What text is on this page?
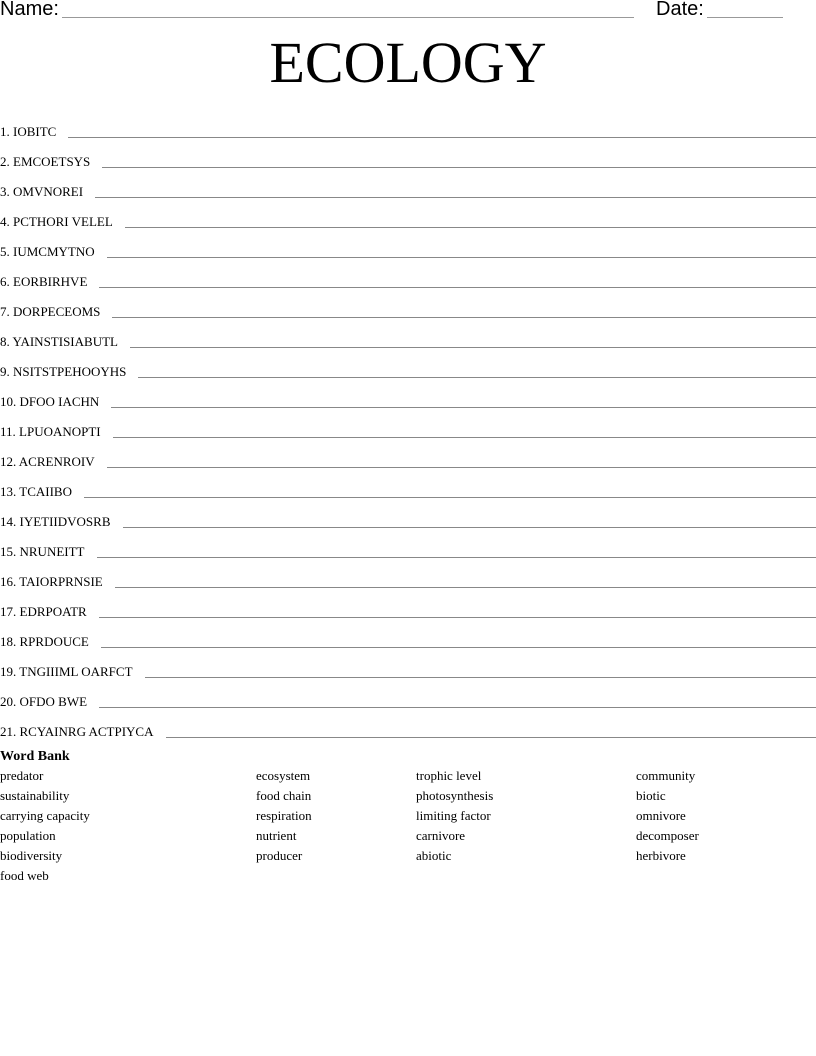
Name:	Date:
ECOLOGY
1. IOBITC
2. EMCOETSYS
3. OMVNOREI
4. PCTHORI VELEL
5. IUMCMYTNO
6. EORBIRHVE
7. DORPECEOMS
8. YAINSTISIABUTL
9. NSITSTPEHOOYHS
10. DFOO IACHN
11. LPUOANOPTI
12. ACRENROIV
13. TCAIIBO
14. IYETIIDVOSRB
15. NRUNEITT
16. TAIORPRNSIE
17. EDRPOATR
18. RPRDOUCE
19. TNGIIIML OARFCT
20. OFDO BWE
21. RCYAINRG ACTPIYCA

Word Bank

predator
sustainability
carrying capacity
population
biodiversity
food web
ecosystem
food chain
respiration
nutrient
producer
trophic level
photosynthesis
limiting factor
carnivore
abiotic
community
biotic
omnivore
decomposer
herbivore
